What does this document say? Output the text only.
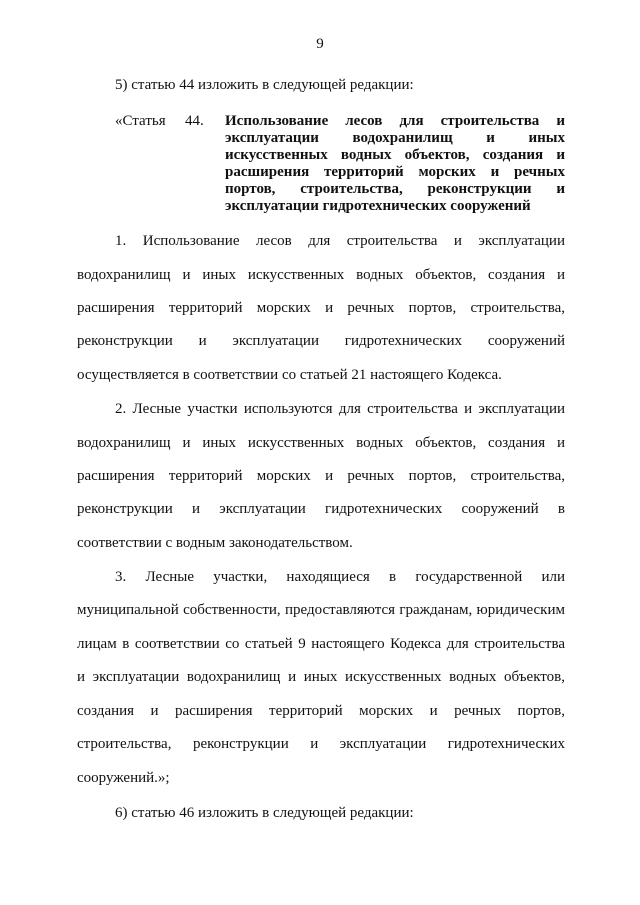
9
5) статью 44 изложить в следующей редакции:
«Статья 44. Использование лесов для строительства и
эксплуатации водохранилищ и иных
искусственных водных объектов, создания и
расширения территорий морских и речных
портов, строительства, реконструкции и
эксплуатации гидротехнических сооружений
1. Использование лесов для строительства и эксплуатации
водохранилищ и иных искусственных водных объектов, создания и
расширения территорий морских и речных портов, строительства,
реконструкции и эксплуатации гидротехнических сооружений
осуществляется в соответствии со статьей 21 настоящего Кодекса.
2. Лесные участки используются для строительства и эксплуатации
водохранилищ и иных искусственных водных объектов, создания и
расширения территорий морских и речных портов, строительства,
реконструкции и эксплуатации гидротехнических сооружений в
соответствии с водным законодательством.
3. Лесные участки, находящиеся в государственной или
муниципальной собственности, предоставляются гражданам, юридическим
лицам в соответствии со статьей 9 настоящего Кодекса для строительства
и эксплуатации водохранилищ и иных искусственных водных объектов,
создания и расширения территорий морских и речных портов,
строительства, реконструкции и эксплуатации гидротехнических
сооружений.»;
6) статью 46 изложить в следующей редакции:
